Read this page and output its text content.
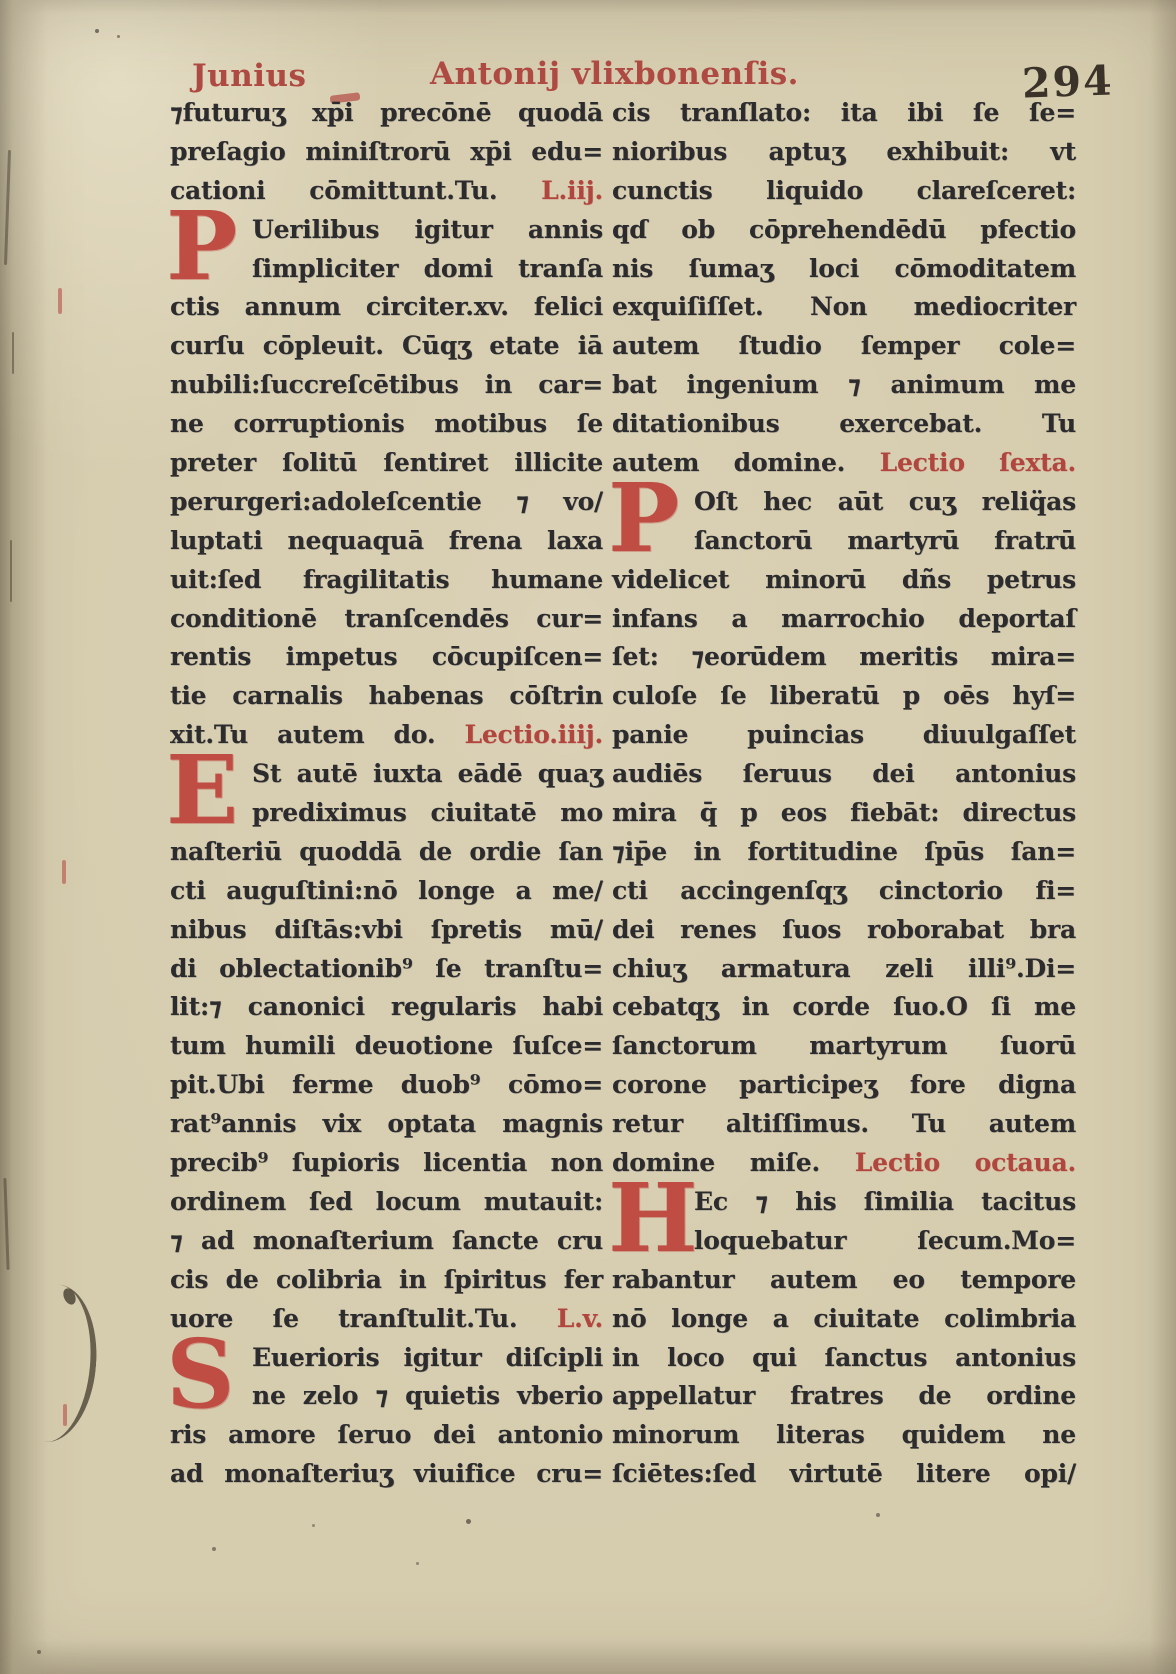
Junius	Antonij vlixbonenſis.	294
⁊futuruʒ xp̄i precōnē quodā
preſagio miniſtrorū xp̄i edu=
cationi cōmittunt.Tu. L.iij.
P Uerilibus igitur annis
ſimpliciter domi tranſa
ctis annum circiter.xv. felici
curſu cōpleuit. Cūqʒ etate iā
nubili:ſuccreſcētibus in car=
ne corruptionis motibus ſe
preter ſolitū ſentiret illicite
perurgeri:adoleſcentie ⁊ vo/
luptati nequaquā frena laxa
uit:ſed fragilitatis humane
conditionē tranſcendēs cur=
rentis impetus cōcupiſcen=
tie carnalis habenas cōſtrin
xit.Tu autem do. Lectio.iiij.
E St autē iuxta eādē quaʒ
prediximus ciuitatē mo
naſteriū quoddā de ordie ſan
cti auguſtini:nō longe a me/
nibus diſtās:vbi ſpretis mū/
di oblectationib⁹ ſe tranſtu=
lit:⁊ canonici regularis habi
tum humili deuotione ſuſce=
pit.Ubi ferme duob⁹ cōmo=
rat⁹annis vix optata magnis
precib⁹ ſupioris licentia non
ordinem ſed locum mutauit:
⁊ ad monaſterium ſancte cru
cis de colibria in ſpiritus fer
uore ſe tranſtulit.Tu. L.v.
S Euerioris igitur diſcipli
ne zelo ⁊ quietis vberio
ris amore ſeruo dei antonio
ad monaſteriuʒ viuifice cru=
cis tranſlato: ita ibi ſe ſe=
nioribus aptuʒ exhibuit: vt
cunctis liquido clareſceret:
qɗ ob cōprehendēdū pfectio
nis ſumaʒ loci cōmoditatem
exquiſiſſet. Non mediocriter
autem ſtudio ſemper cole=
bat ingenium ⁊ animum me
ditationibus exercebat. Tu
autem domine. Lectio ſexta.
P Oſt hec aūt cuʒ reliq̈as
ſanctorū martyrū fratrū
videlicet minorū dñs petrus
infans a marrochio deportaſ
ſet: ⁊eorūdem meritis mira=
culoſe ſe liberatū p oēs hyſ=
panie puincias diuulgaſſet
audiēs ſeruus dei antonius
mira q̄ p eos fiebāt: directus
⁊ip̄e in fortitudine ſpūs ſan=
cti accingenſqʒ cinctorio fi=
dei renes ſuos roborabat bra
chiuʒ armatura zeli illi⁹.Di=
cebatqʒ in corde ſuo.O ſi me
ſanctorum martyrum ſuorū
corone participeʒ fore digna
retur altiſſimus. Tu autem
domine miſe. Lectio octaua.
H
Ec ⁊ his ſimilia tacitus
loquebatur ſecum.Mo=
rabantur autem eo tempore
nō longe a ciuitate colimbria
in loco qui ſanctus antonius
appellatur fratres de ordine
minorum literas quidem ne
ſciētes:ſed virtutē litere opi/
